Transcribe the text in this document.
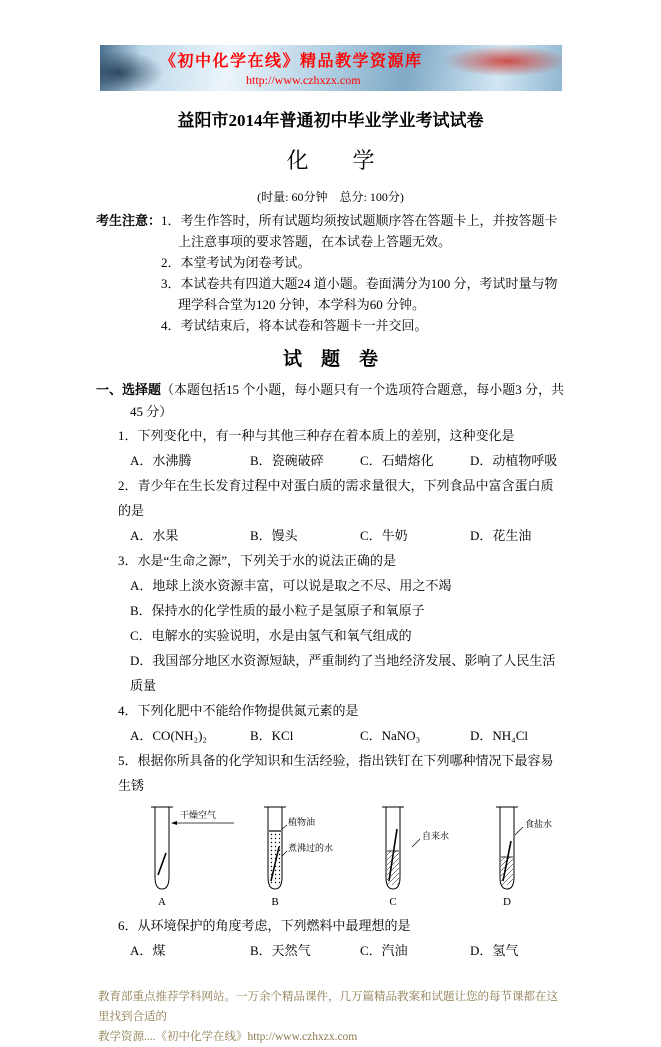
《初中化学在线》精品教学资源库
http://www.czhxzx.com
益阳市2014年普通初中毕业学业考试试卷
化　　学
(时量: 60分钟　总分: 100分)
考生注意： 1．考生作答时，所有试题均须按试题顺序答在答题卡上，并按答题卡上注意事项的要求答题，在本试卷上答题无效。
2．本堂考试为闭卷考试。
3．本试卷共有四道大题24 道小题。卷面满分为100 分，考试时量与物理学科合堂为120 分钟，本学科为60 分钟。
4．考试结束后，将本试卷和答题卡一并交回。
试　题　卷
一、选择题（本题包括15 个小题，每小题只有一个选项符合题意，每小题3 分，共45 分）
1．下列变化中，有一种与其他三种存在着本质上的差别，这种变化是
A．水沸腾	B．瓷碗破碎	C．石蜡熔化	D．动植物呼吸
2．青少年在生长发育过程中对蛋白质的需求量很大，下列食品中富含蛋白质的是
A．水果	B．馒头	C．牛奶	D．花生油
3．水是“生命之源”，下列关于水的说法正确的是
A．地球上淡水资源丰富，可以说是取之不尽、用之不竭
B．保持水的化学性质的最小粒子是氢原子和氧原子
C．电解水的实验说明，水是由氢气和氧气组成的
D．我国部分地区水资源短缺，严重制约了当地经济发展、影响了人民生活质量
4．下列化肥中不能给作物提供氮元素的是
A．CO(NH₂)₂	B．KCl	C．NaNO₃	D．NH₄Cl
5．根据你所具备的化学知识和生活经验，指出铁钉在下列哪种情况下最容易生锈
干燥空气
A
植物油
煮沸过的水
B
自来水
C
食盐水
D
6．从环境保护的角度考虑，下列燃料中最理想的是
A．煤	B．天然气	C．汽油	D．氢气
教育部重点推荐学科网站。一万余个精品课件，几万篇精品教案和试题让您的每节课都在这里找到合适的
教学资源....《初中化学在线》http://www.czhxzx.com
